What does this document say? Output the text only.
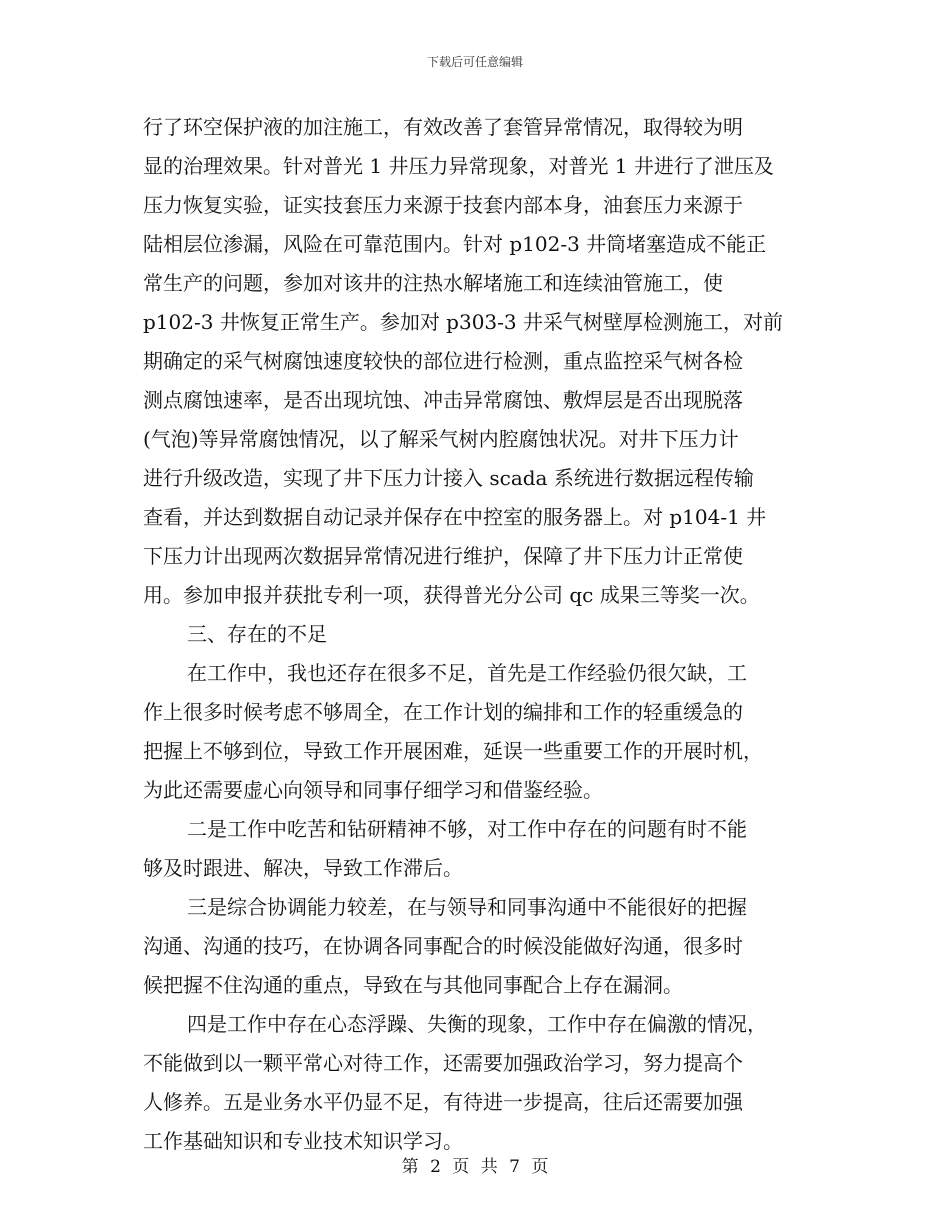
下载后可任意编辑
行了环空保护液的加注施工，有效改善了套管异常情况，取得较为明
显的治理效果。针对普光 1 井压力异常现象，对普光 1 井进行了泄压及
压力恢复实验，证实技套压力来源于技套内部本身，油套压力来源于
陆相层位渗漏，风险在可靠范围内。针对 p102-3 井筒堵塞造成不能正
常生产的问题，参加对该井的注热水解堵施工和连续油管施工，使
p102-3 井恢复正常生产。参加对 p303-3 井采气树壁厚检测施工，对前
期确定的采气树腐蚀速度较快的部位进行检测，重点监控采气树各检
测点腐蚀速率，是否出现坑蚀、冲击异常腐蚀、敷焊层是否出现脱落
(气泡)等异常腐蚀情况，以了解采气树内腔腐蚀状况。对井下压力计
进行升级改造，实现了井下压力计接入 scada 系统进行数据远程传输
查看，并达到数据自动记录并保存在中控室的服务器上。对 p104-1 井
下压力计出现两次数据异常情况进行维护，保障了井下压力计正常使
用。参加申报并获批专利一项，获得普光分公司 qc 成果三等奖一次。
三、存在的不足
在工作中，我也还存在很多不足，首先是工作经验仍很欠缺，工
作上很多时候考虑不够周全，在工作计划的编排和工作的轻重缓急的
把握上不够到位，导致工作开展困难，延误一些重要工作的开展时机，
为此还需要虚心向领导和同事仔细学习和借鉴经验。
二是工作中吃苦和钻研精神不够，对工作中存在的问题有时不能
够及时跟进、解决，导致工作滞后。
三是综合协调能力较差，在与领导和同事沟通中不能很好的把握
沟通、沟通的技巧，在协调各同事配合的时候没能做好沟通，很多时
候把握不住沟通的重点，导致在与其他同事配合上存在漏洞。
四是工作中存在心态浮躁、失衡的现象，工作中存在偏激的情况，
不能做到以一颗平常心对待工作，还需要加强政治学习，努力提高个
人修养。五是业务水平仍显不足，有待进一步提高，往后还需要加强
工作基础知识和专业技术知识学习。
第 2 页 共 7 页
